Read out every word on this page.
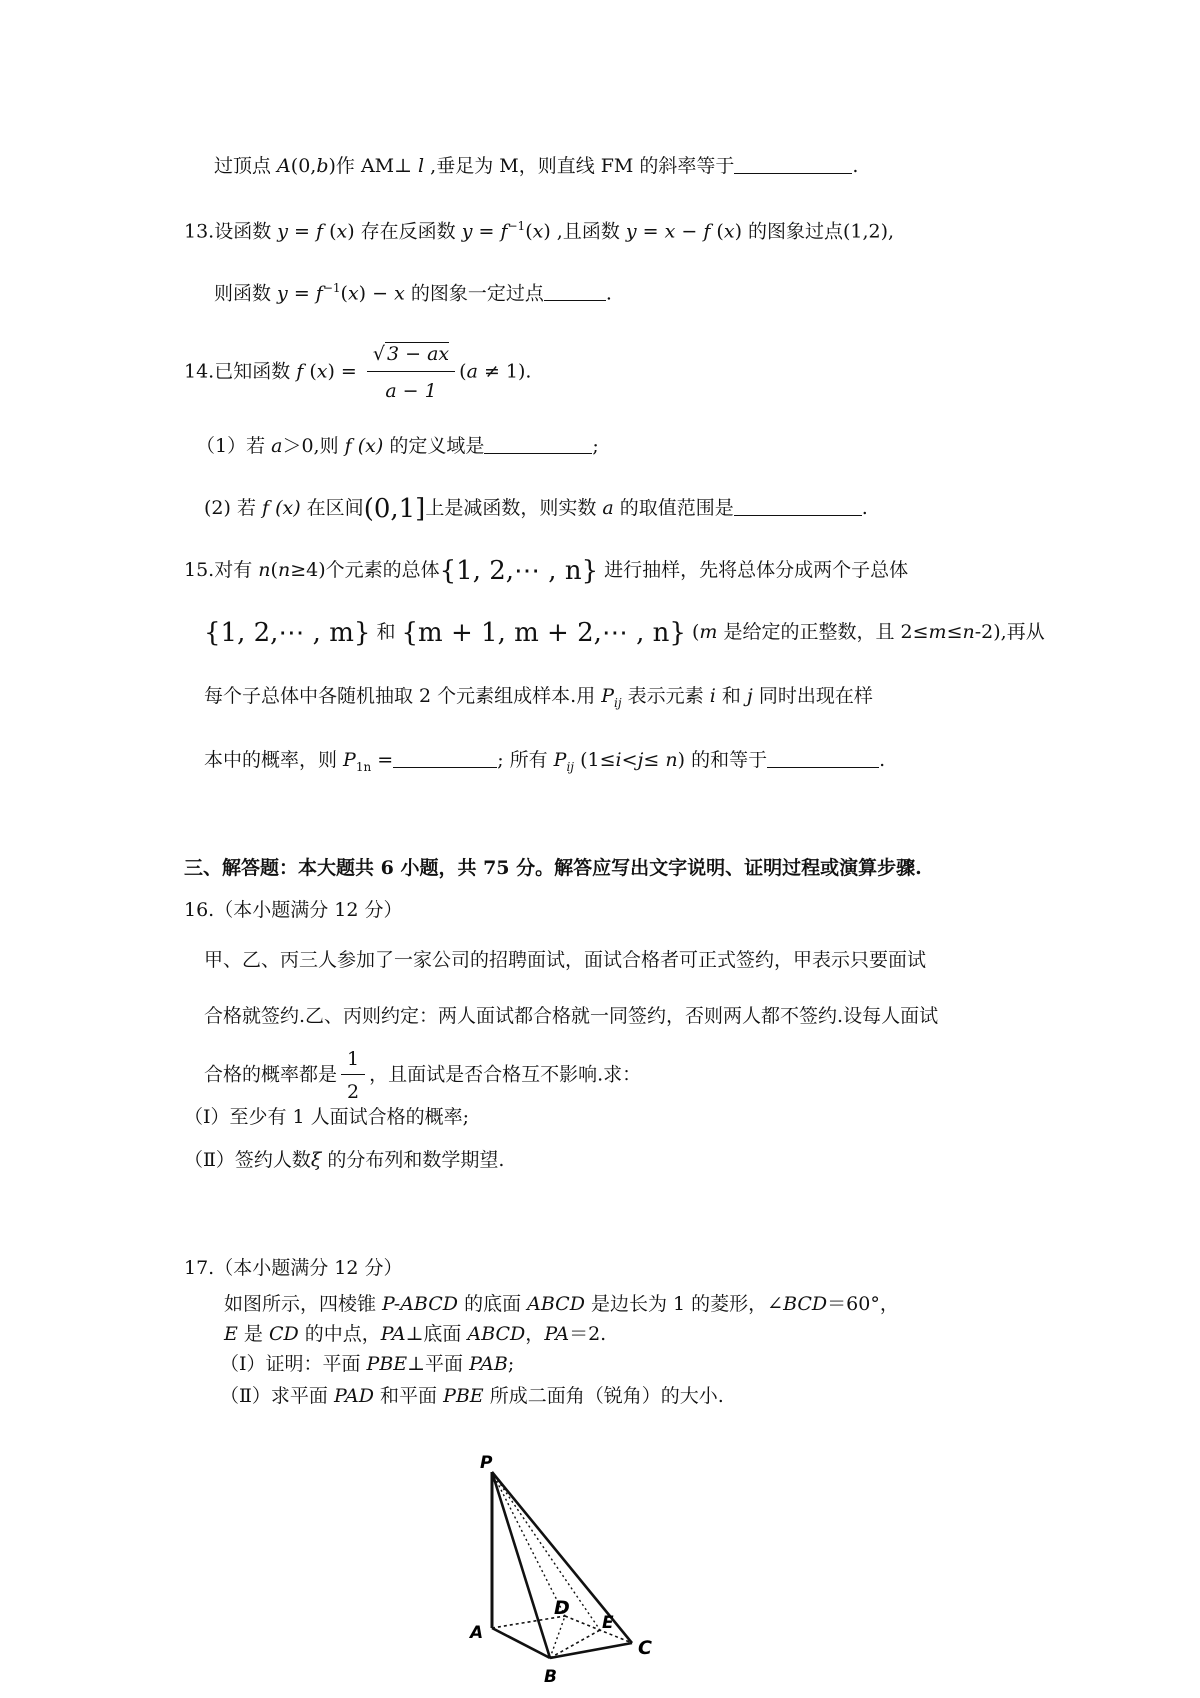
过顶点 A(0,b)作 AM⊥ l ,垂足为 M，则直线 FM 的斜率等于	.
13.设函数 y = f (x) 存在反函数 $y = f^{-1}(x)$ ,且函数 y = x − f (x) 的图象过点(1,2),
则函数 $y = f^{-1}(x) - x$ 的图象一定过点	.
14.已知函数 f $(x) = \frac{√ 3 - ax}{a - 1} (a \ne 1)$.
（1）若 a＞0,则 f (x) 的定义域是	;
(2) 若 f (x) 在区间(0,1]上是减函数，则实数 a 的取值范围是	.
15.对有 n(n≥4)个元素的总体{1, 2,⋯ , n} 进行抽样，先将总体分成两个子总体
{1, 2,⋯ , m} 和 {m + 1, m + 2,⋯ , n} (m 是给定的正整数，且 2≤m≤n-2),再从
每个子总体中各随机抽取 2 个元素组成样本.用 $P_{ij}$ 表示元素 i 和 j 同时出现在样
本中的概率，则 $P_{1n}$ =	; 所有 $P_{ij}$ (1≤i<j≤ n) 的和等于	.
三、解答题：本大题共 6 小题，共 75 分。解答应写出文字说明、证明过程或演算步骤.
16.（本小题满分 12 分）
甲、乙、丙三人参加了一家公司的招聘面试，面试合格者可正式签约，甲表示只要面试
合格就签约.乙、丙则约定：两人面试都合格就一同签约，否则两人都不签约.设每人面试
合格的概率都是 $\frac{1}{2}$ ，且面试是否合格互不影响.求：
（Ⅰ）至少有 1 人面试合格的概率;
（Ⅱ）签约人数ξ 的分布列和数学期望.
17.（本小题满分 12 分）
如图所示，四棱锥 P-ABCD 的底面 ABCD 是边长为 1 的菱形，∠BCD＝60°，
E 是 CD 的中点，PA⊥底面 ABCD，PA＝2.
（Ⅰ）证明：平面 PBE⊥平面 PAB;
（Ⅱ）求平面 PAD 和平面 PBE 所成二面角（锐角）的大小.
P
A
B
C
D
E
